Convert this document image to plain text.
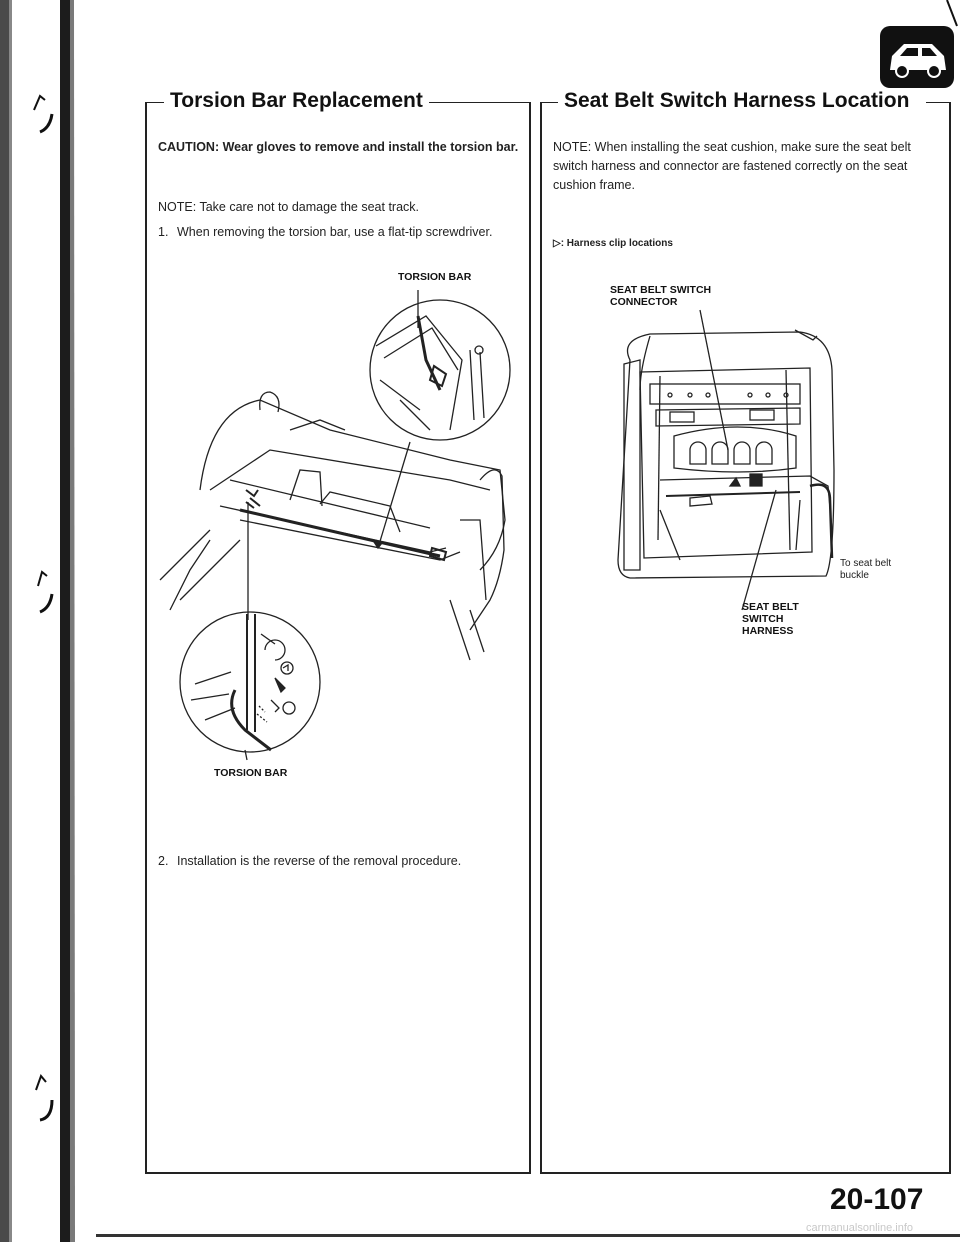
Torsion Bar Replacement
CAUTION: Wear gloves to remove and install the torsion bar.
NOTE: Take care not to damage the seat track.
1. When removing the torsion bar, use a flat-tip screwdriver.
TORSION BAR
TORSION BAR
2. Installation is the reverse of the removal procedure.
Seat Belt Switch Harness Location
NOTE: When installing the seat cushion, make sure the seat belt switch harness and connector are fastened correctly on the seat cushion frame.
▷: Harness clip locations
SEAT BELT SWITCH CONNECTOR
To seat belt buckle
SEAT BELT SWITCH HARNESS
20-107
carmanualsonline.info
